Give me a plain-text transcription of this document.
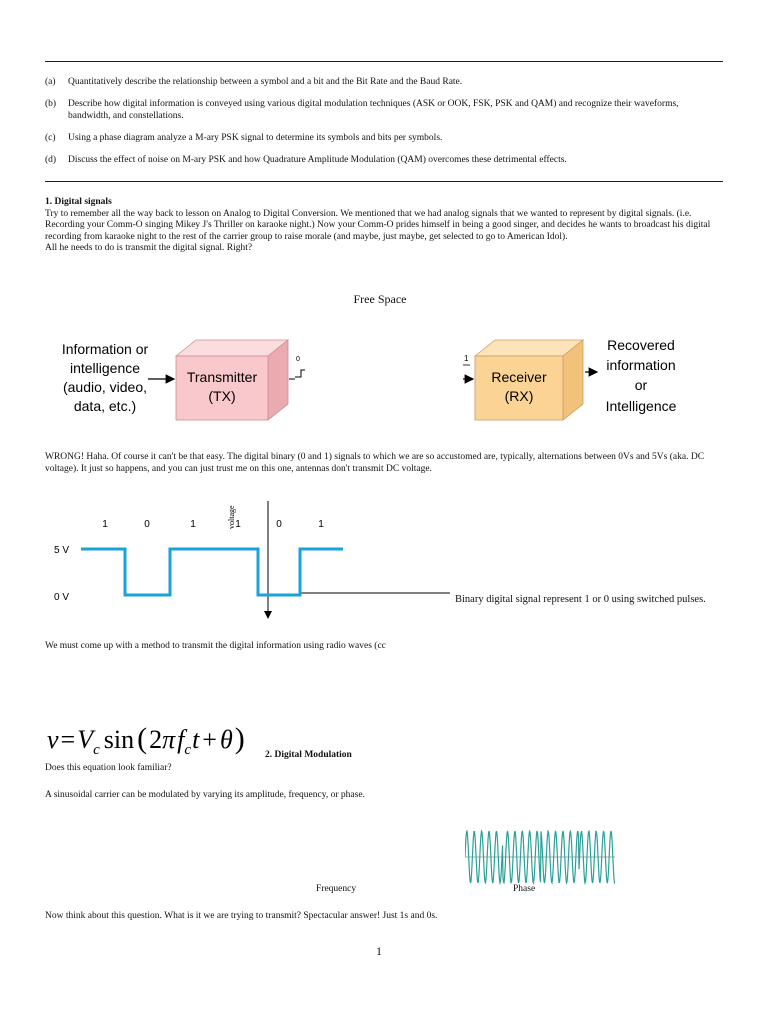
(a) Quantitatively describe the relationship between a symbol and a bit and the Bit Rate and the Baud Rate.
(b) Describe how digital information is conveyed using various digital modulation techniques (ASK or OOK, FSK, PSK and QAM) and recognize their waveforms, bandwidth, and constellations.
(c) Using a phase diagram analyze a M-ary PSK signal to determine its symbols and bits per symbols.
(d) Discuss the effect of noise on M-ary PSK and how Quadrature Amplitude Modulation (QAM) overcomes these detrimental effects.

1. Digital signals

Try to remember all the way back to lesson on Analog to Digital Conversion. We mentioned that we had analog signals that we wanted to represent by digital signals. (i.e. Recording your Comm-O singing Mikey J's Thriller on karaoke night.) Now your Comm-O prides himself in being a good singer, and decides he wants to broadcast his digital recording from karaoke night to the rest of the carrier group to raise morale (and maybe, just maybe, get selected to go to American Idol).

All he needs to do is transmit the digital signal. Right?

Free Space
Information or
intelligence
(audio, video,
data, etc.)
Transmitter
(TX)
0	1
Receiver
(RX)
Recovered
information
or
Intelligence
WRONG! Haha. Of course it can't be that easy. The digital binary (0 and 1) signals to which we are so accustomed are, typically, alternations between 0Vs and 5Vs (aka. DC voltage). It just so happens, and you can just trust me on this one, antennas don't transmit DC voltage.
1	0	1	1	0	1
voltage
5 V
0 V	Binary digital signal represent 1 or 0 using switched pulses.
We must come up with a method to transmit the digital information using radio waves (cc
$v=V_c$ $\sin (2\pi f_ct + \theta)$ 2. Digital Modulation
Does this equation look familiar?
A sinusoidal carrier can be modulated by varying its amplitude, frequency, or phase.
Frequency	Phase
Now think about this question. What is it we are trying to transmit? Spectacular answer! Just 1s and 0s.
1
